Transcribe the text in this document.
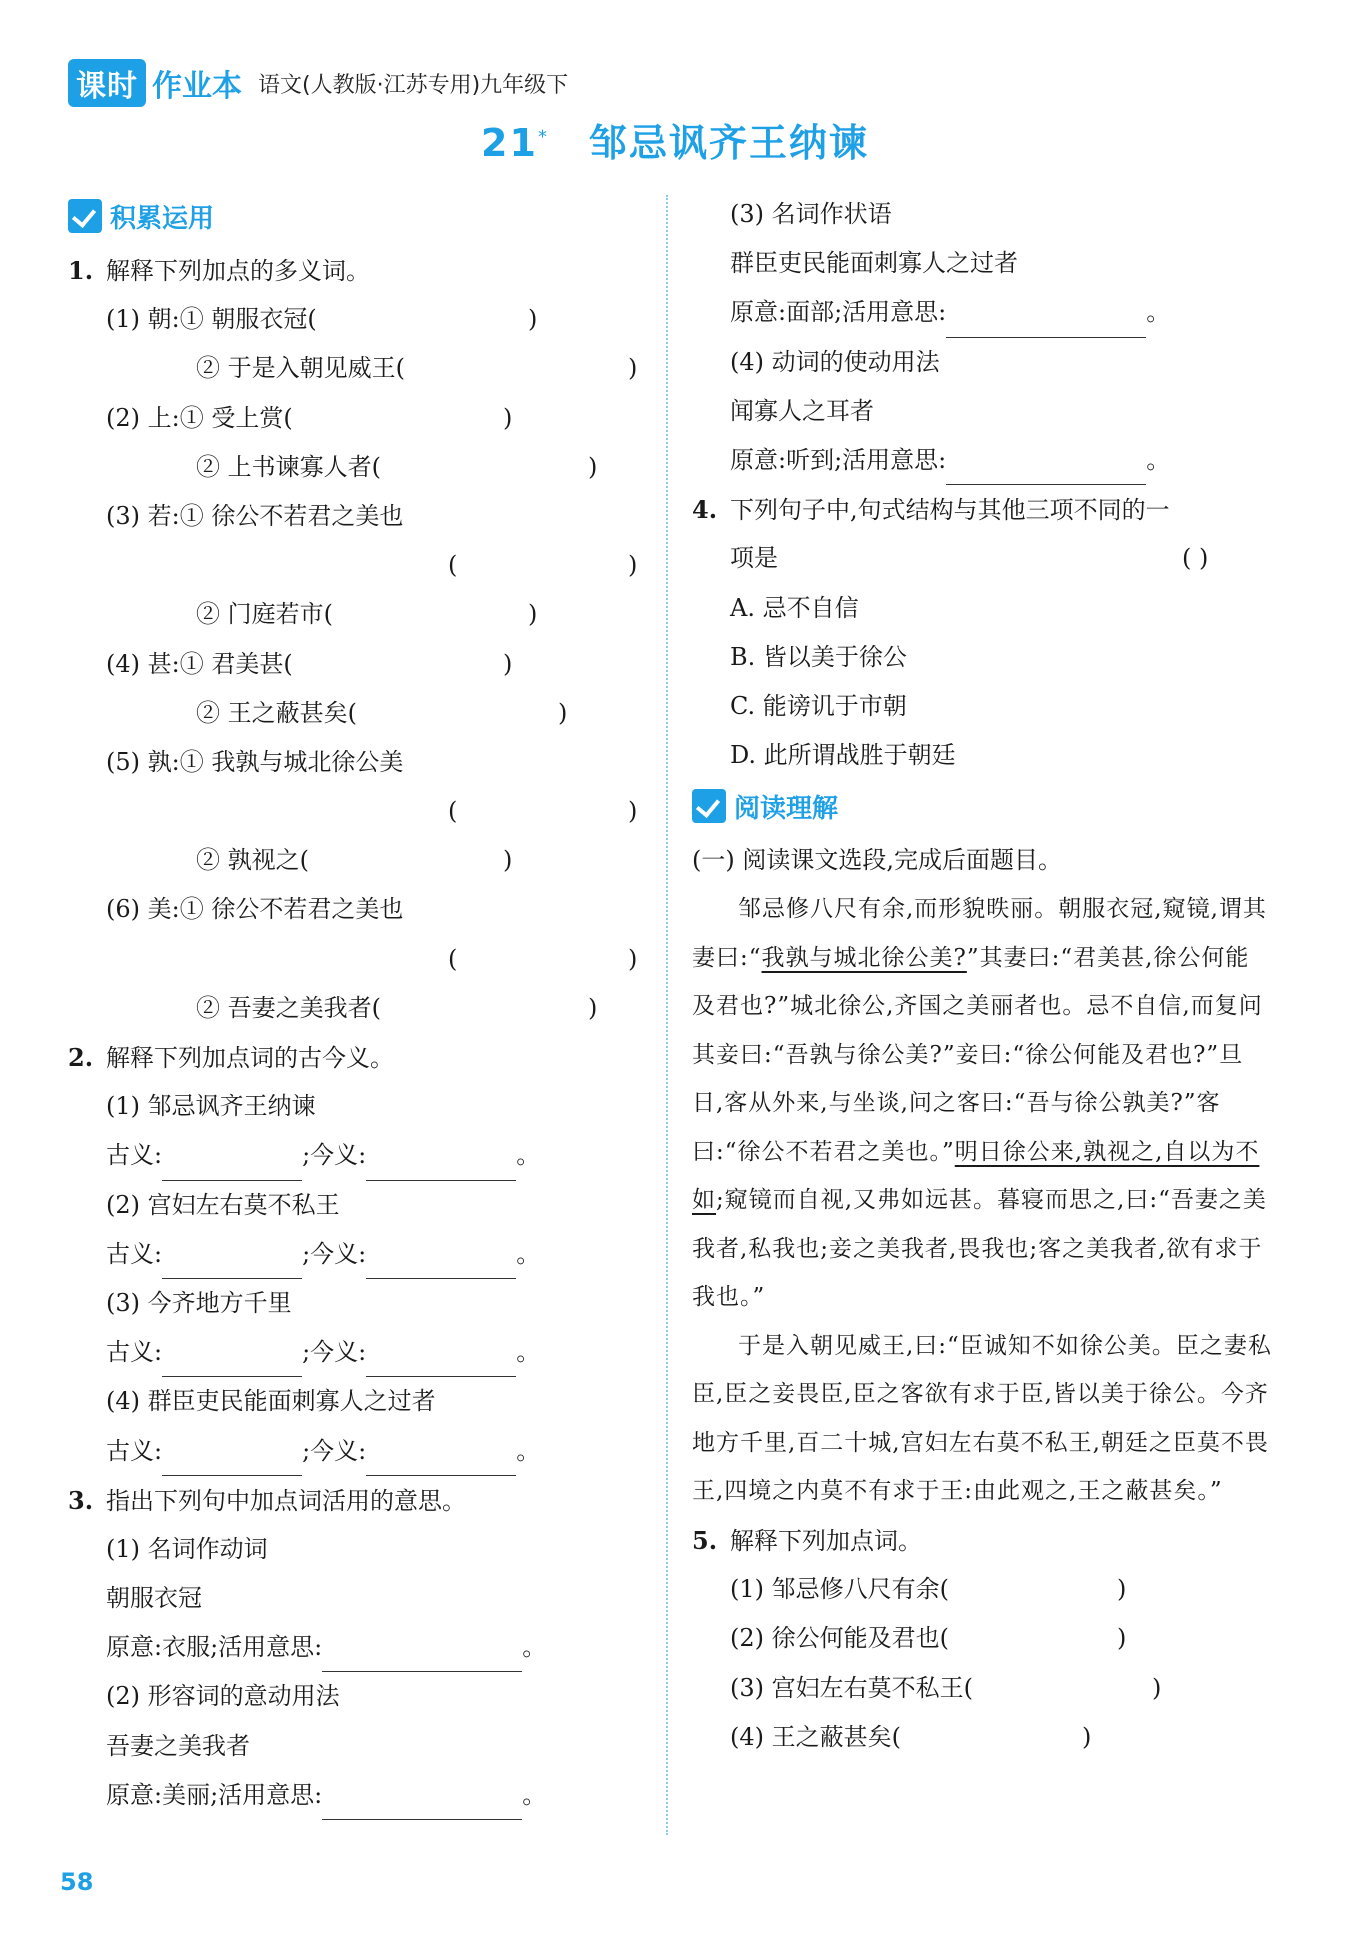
课时 作业本 语文(人教版·江苏专用)九年级下
21* 邹忌讽齐王纳谏
积累运用
1. 解释下列加点的多义词。
(1) 朝:① 朝服衣冠(	)
② 于是入朝见威王(	)
(2) 上:① 受上赏(	)
② 上书谏寡人者(	)
(3) 若:① 徐公不若君之美也
(	)
② 门庭若市(	)
(4) 甚:① 君美甚(	)
② 王之蔽甚矣(	)
(5) 孰:① 我孰与城北徐公美
(	)
② 孰视之(	)
(6) 美:① 徐公不若君之美也
(	)
② 吾妻之美我者(	)
2. 解释下列加点词的古今义。
(1) 邹忌讽齐王纳谏
古义:	;今义:	。
(2) 宫妇左右莫不私王
古义:	;今义:	。
(3) 今齐地方千里
古义:	;今义:	。
(4) 群臣吏民能面刺寡人之过者
古义:	;今义:	。
3. 指出下列句中加点词活用的意思。
(1) 名词作动词
朝服衣冠
原意:衣服;活用意思:	。
(2) 形容词的意动用法
吾妻之美我者
原意:美丽;活用意思:	。
(3) 名词作状语
群臣吏民能面刺寡人之过者
原意:面部;活用意思:	。
(4) 动词的使动用法
闻寡人之耳者
原意:听到;活用意思:	。
4. 下列句子中,句式结构与其他三项不同的一
项是	( )
A. 忌不自信
B. 皆以美于徐公
C. 能谤讥于市朝
D. 此所谓战胜于朝廷
阅读理解
(一) 阅读课文选段,完成后面题目。
邹忌修八尺有余,而形貌昳丽。朝服衣冠,窥镜,谓其妻曰:“我孰与城北徐公美?”其妻曰:“君美甚,徐公何能及君也?”城北徐公,齐国之美丽者也。忌不自信,而复问其妾曰:“吾孰与徐公美?”妾曰:“徐公何能及君也?”旦日,客从外来,与坐谈,问之客曰:“吾与徐公孰美?”客曰:“徐公不若君之美也。”明日徐公来,孰视之,自以为不如;窥镜而自视,又弗如远甚。暮寝而思之,曰:“吾妻之美我者,私我也;妾之美我者,畏我也;客之美我者,欲有求于我也。”
于是入朝见威王,曰:“臣诚知不如徐公美。臣之妻私臣,臣之妾畏臣,臣之客欲有求于臣,皆以美于徐公。今齐地方千里,百二十城,宫妇左右莫不私王,朝廷之臣莫不畏王,四境之内莫不有求于王:由此观之,王之蔽甚矣。”
5. 解释下列加点词。
(1) 邹忌修八尺有余(	)
(2) 徐公何能及君也(	)
(3) 宫妇左右莫不私王(	)
(4) 王之蔽甚矣(	)
58
